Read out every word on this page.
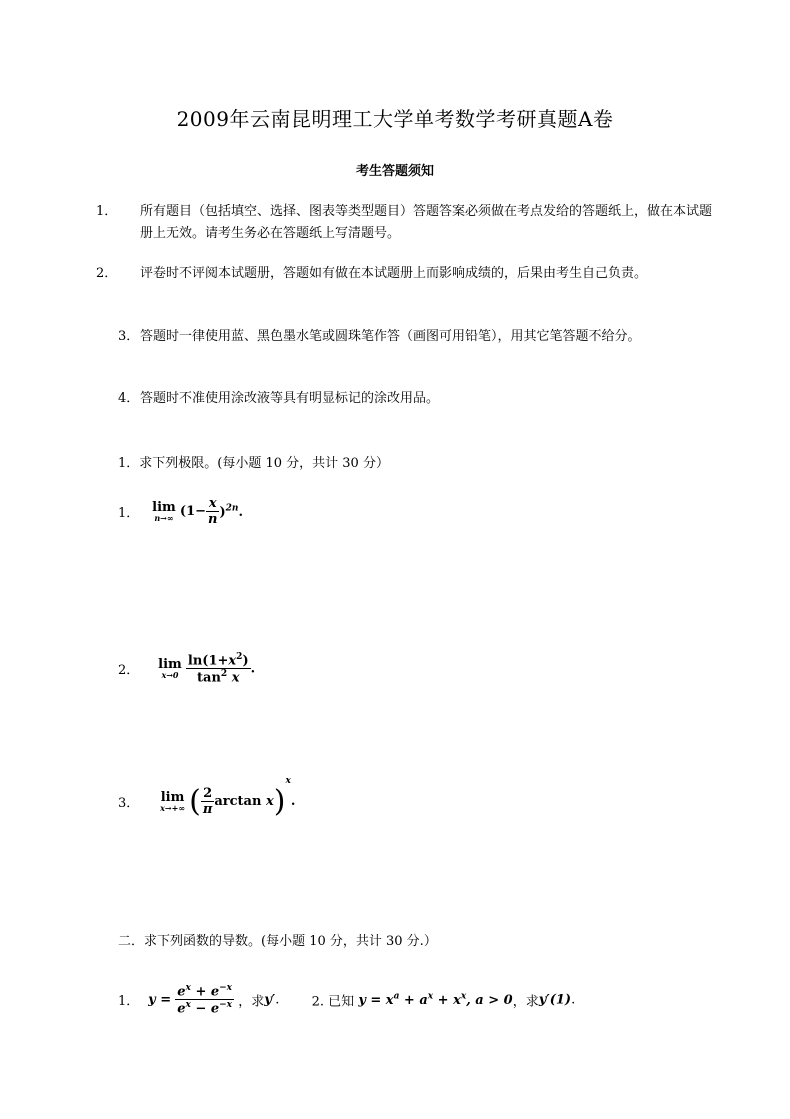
2009年云南昆明理工大学单考数学考研真题A卷
考生答题须知
1． 所有题目（包括填空、选择、图表等类型题目）答题答案必须做在考点发给的答题纸上，做在本试题册上无效。请考生务必在答题纸上写清题号。
2． 评卷时不评阅本试题册，答题如有做在本试题册上而影响成绩的，后果由考生自己负责。
3．答题时一律使用蓝、黑色墨水笔或圆珠笔作答（画图可用铅笔），用其它笔答题不给分。
4．答题时不准使用涂改液等具有明显标记的涂改用品。
1．求下列极限。(每小题 10 分，共计 30 分）
1． lim
n→∞ $(1- \frac{x}{n} )^{2n}$.
2． lim
x→0
$\frac{\ln(1+x^2)}{\tan^2 x}$ .
3． lim
x→+∞ ( $\frac{2}{\pi}$ arctan x)$^x$.
二．求下列函数的导数。(每小题 10 分，共计 30 分.）
1． $y = \frac{e^x + e^{-x}}{e^x - e^{-x}}$ ，求y′. 2. 已知 $y = x^a + a^x + x^x$, a > 0，求y′(1).
